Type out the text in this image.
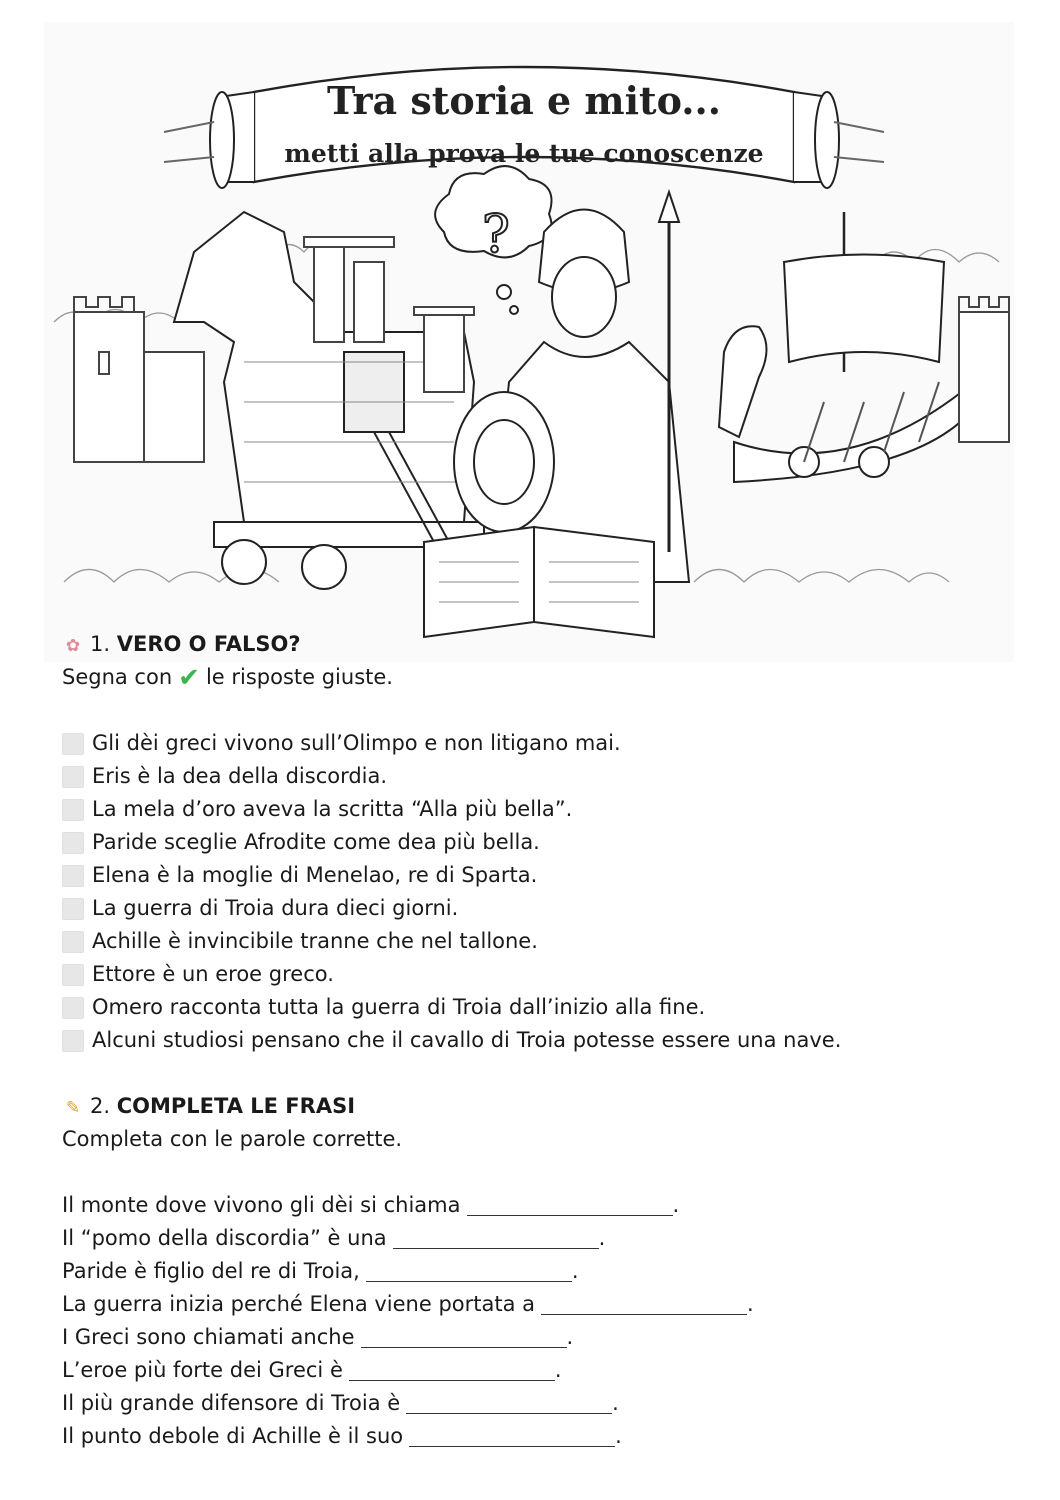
?
Tra storia e mito...
metti alla prova le tue conoscenze
✿ 1. VERO O FALSO?
Segna con ✔ le risposte giuste.
Gli dèi greci vivono sull’Olimpo e non litigano mai.
Eris è la dea della discordia.
La mela d’oro aveva la scritta “Alla più bella”.
Paride sceglie Afrodite come dea più bella.
Elena è la moglie di Menelao, re di Sparta.
La guerra di Troia dura dieci giorni.
Achille è invincibile tranne che nel tallone.
Ettore è un eroe greco.
Omero racconta tutta la guerra di Troia dall’inizio alla fine.
Alcuni studiosi pensano che il cavallo di Troia potesse essere una nave.
✎ 2. COMPLETA LE FRASI
Completa con le parole corrette.
Il monte dove vivono gli dèi si chiama	.
Il “pomo della discordia” è una	.
Paride è figlio del re di Troia,	.
La guerra inizia perché Elena viene portata a	.
I Greci sono chiamati anche	.
L’eroe più forte dei Greci è	.
Il più grande difensore di Troia è	.
Il punto debole di Achille è il suo	.
